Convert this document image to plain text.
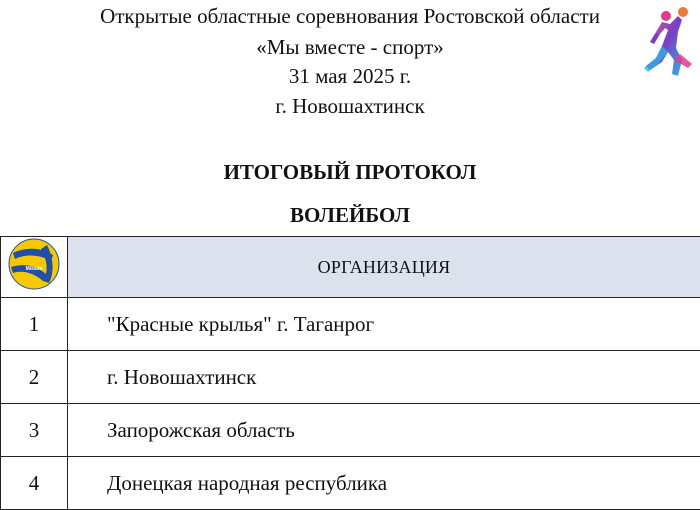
Открытые областные соревнования Ростовской области
«Мы вместе - спорт»
31 мая 2025 г.
г. Новошахтинск
ИТОГОВЫЙ ПРОТОКОЛ
ВОЛЕЙБОЛ
Mikasa	ОРГАНИЗАЦИЯ
1	"Красные крылья" г. Таганрог
2	г. Новошахтинск
3	Запорожская область
4	Донецкая народная республика
